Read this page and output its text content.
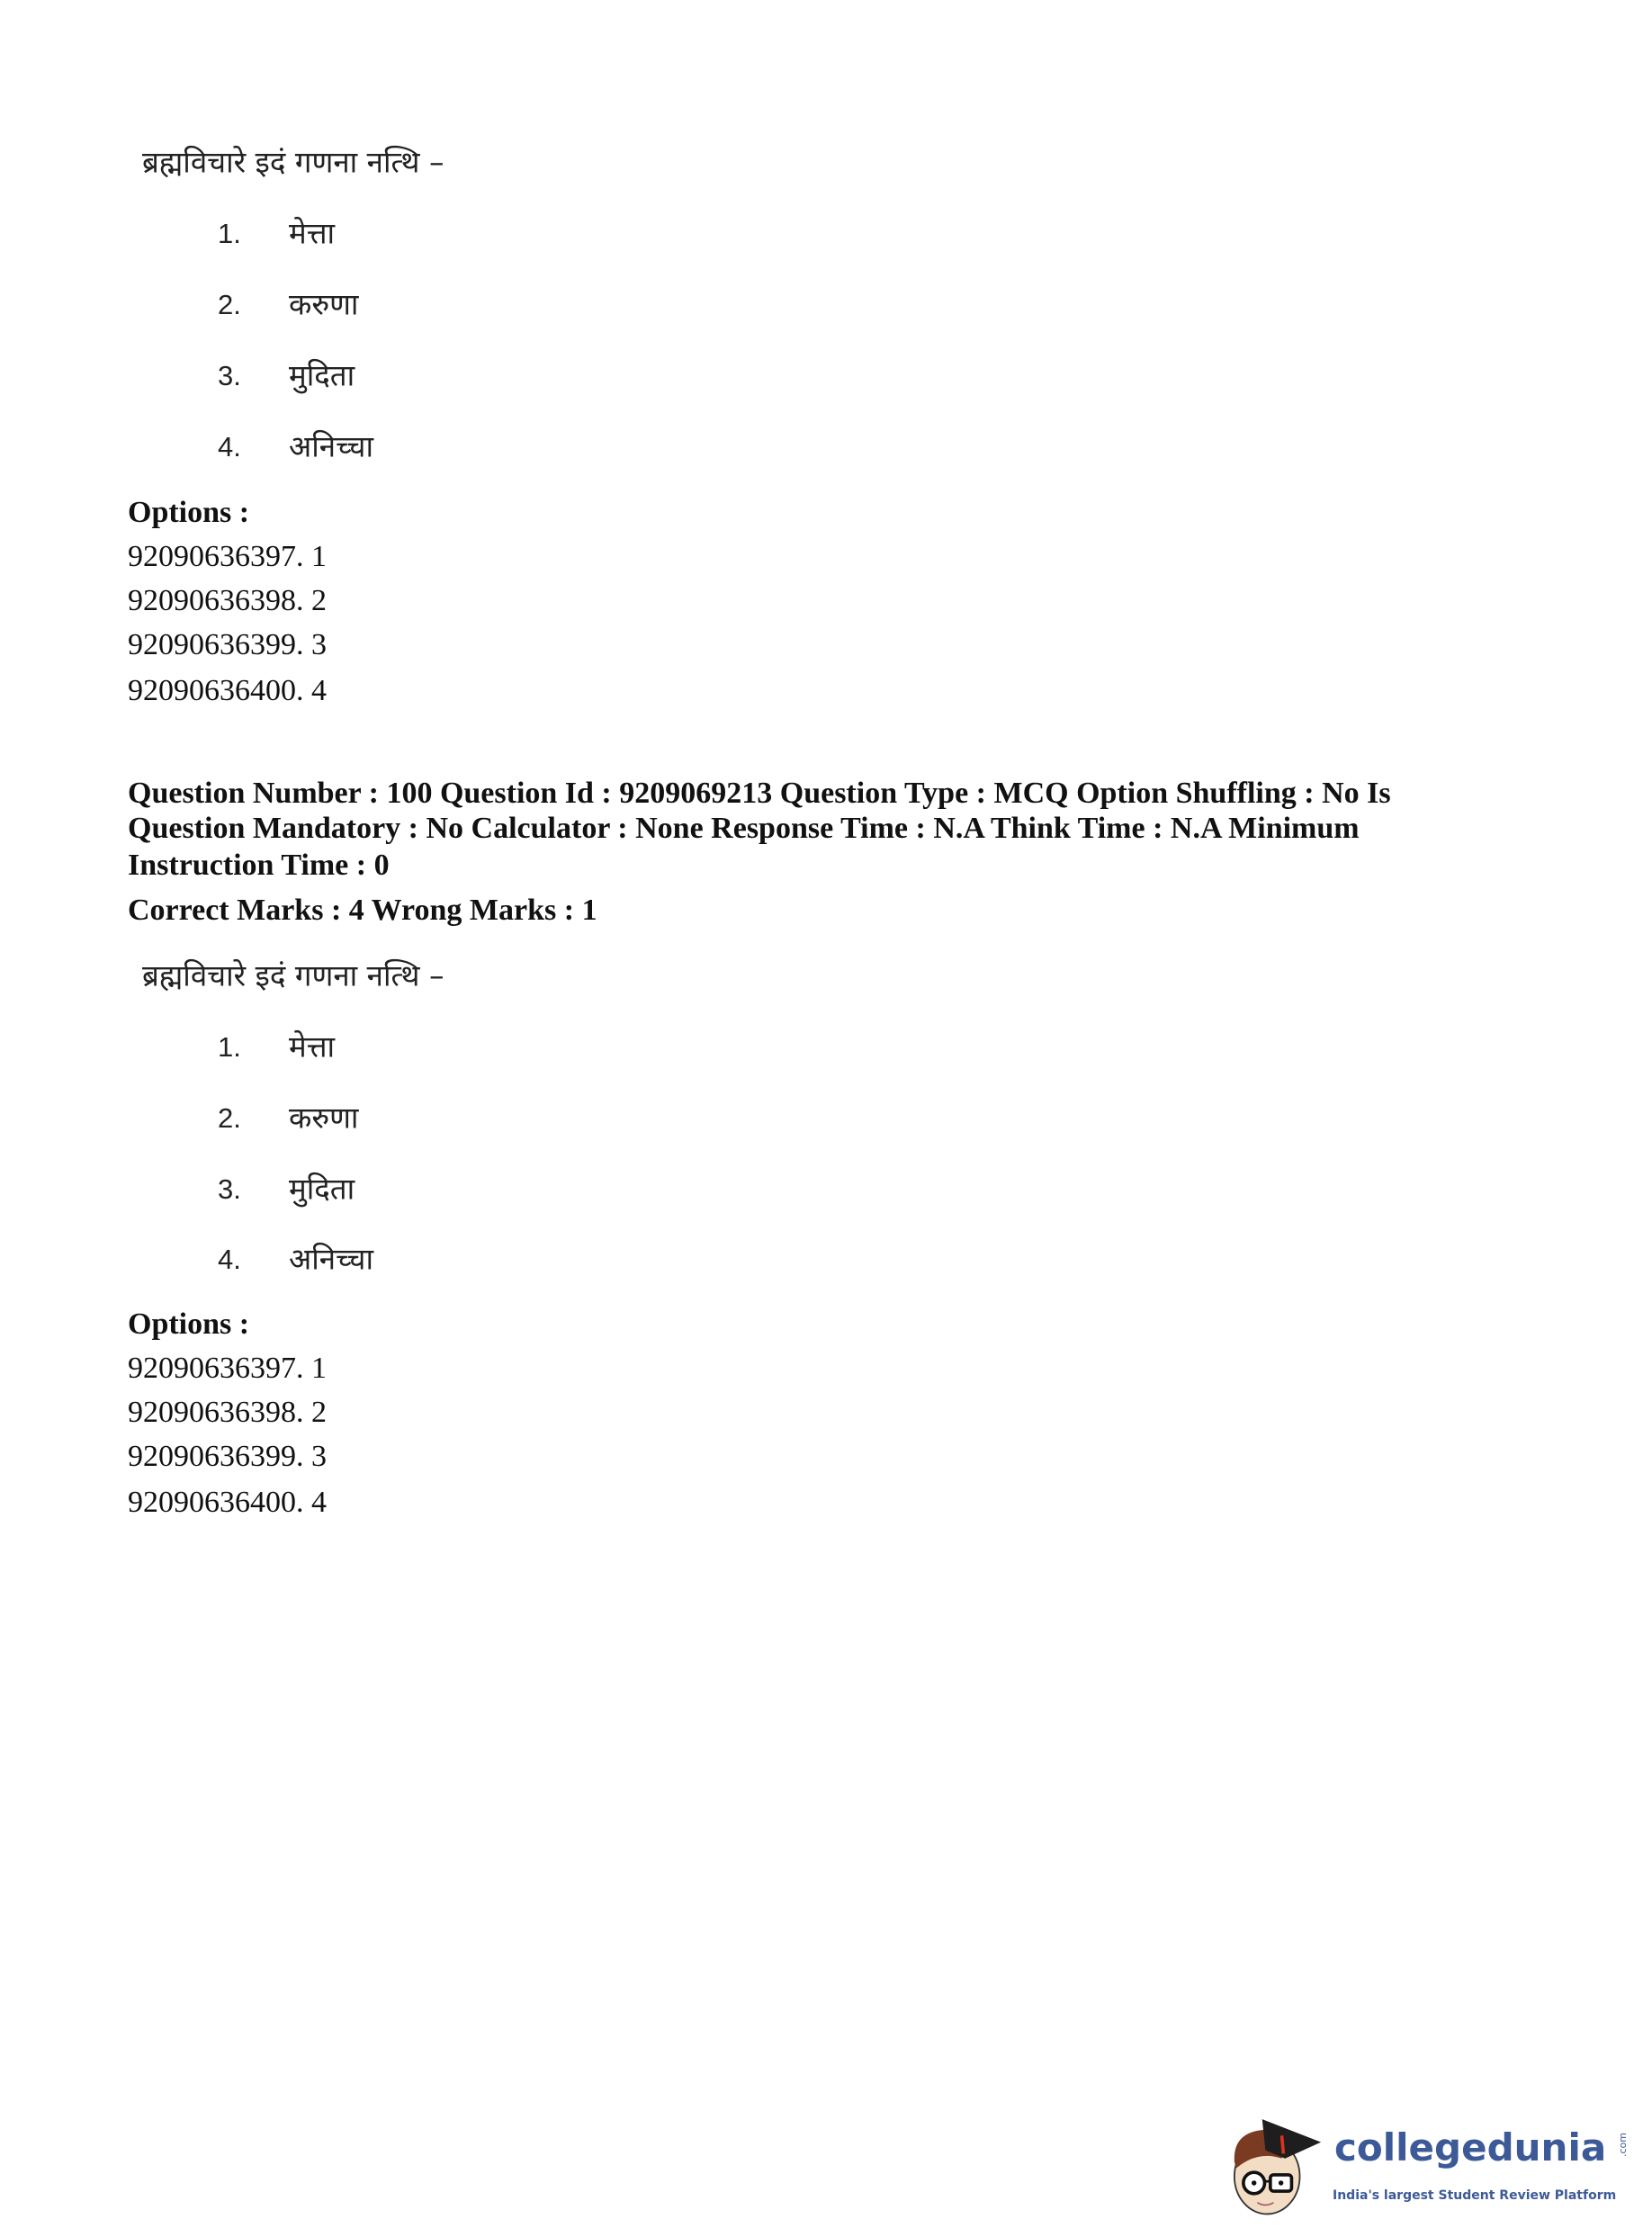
ब्रह्मविचारे इदं गणना नत्थि –
1. मेत्ता
2. करुणा
3. मुदिता
4. अनिच्चा
Options :
92090636397. 1
92090636398. 2
92090636399. 3
92090636400. 4
Question Number : 100 Question Id : 9209069213 Question Type : MCQ Option Shuffling : No Is
Question Mandatory : No Calculator : None Response Time : N.A Think Time : N.A Minimum
Instruction Time : 0
Correct Marks : 4 Wrong Marks : 1
ब्रह्मविचारे इदं गणना नत्थि –
1. मेत्ता
2. करुणा
3. मुदिता
4. अनिच्चा
Options :
92090636397. 1
92090636398. 2
92090636399. 3
92090636400. 4
collegedunia .com
India's largest Student Review Platform
